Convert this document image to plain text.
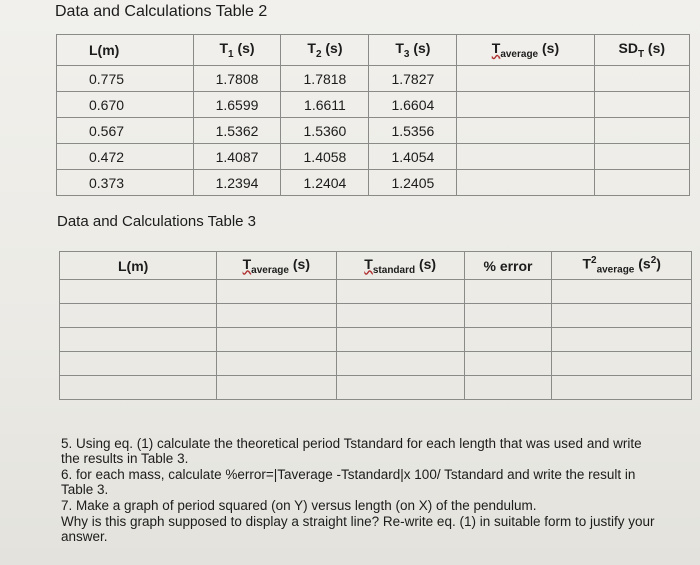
Data and Calculations Table 2
L(m)	$T_1$ (s)	$T_2$ (s)	$T_3$ (s)	$T_{average}$ (s)	$SD_T$ (s)
0.775	1.7808	1.7818	1.7827		
0.670	1.6599	1.6611	1.6604		
0.567	1.5362	1.5360	1.5356		
0.472	1.4087	1.4058	1.4054		
0.373	1.2394	1.2404	1.2405		
Data and Calculations Table 3
L(m)	$T_{average}$ (s)	$T_{standard}$ (s)	% error	$T^2_{average}$ $(s^2)$

5. Using eq. (1) calculate the theoretical period Tstandard for each length that was used and write the results in Table 3.

6. for each mass, calculate %error=|Taverage -Tstandard|x 100/ Tstandard and write the result in Table 3.

7. Make a graph of period squared (on Y) versus length (on X) of the pendulum.

Why is this graph supposed to display a straight line? Re-write eq. (1) in suitable form to justify your answer.
